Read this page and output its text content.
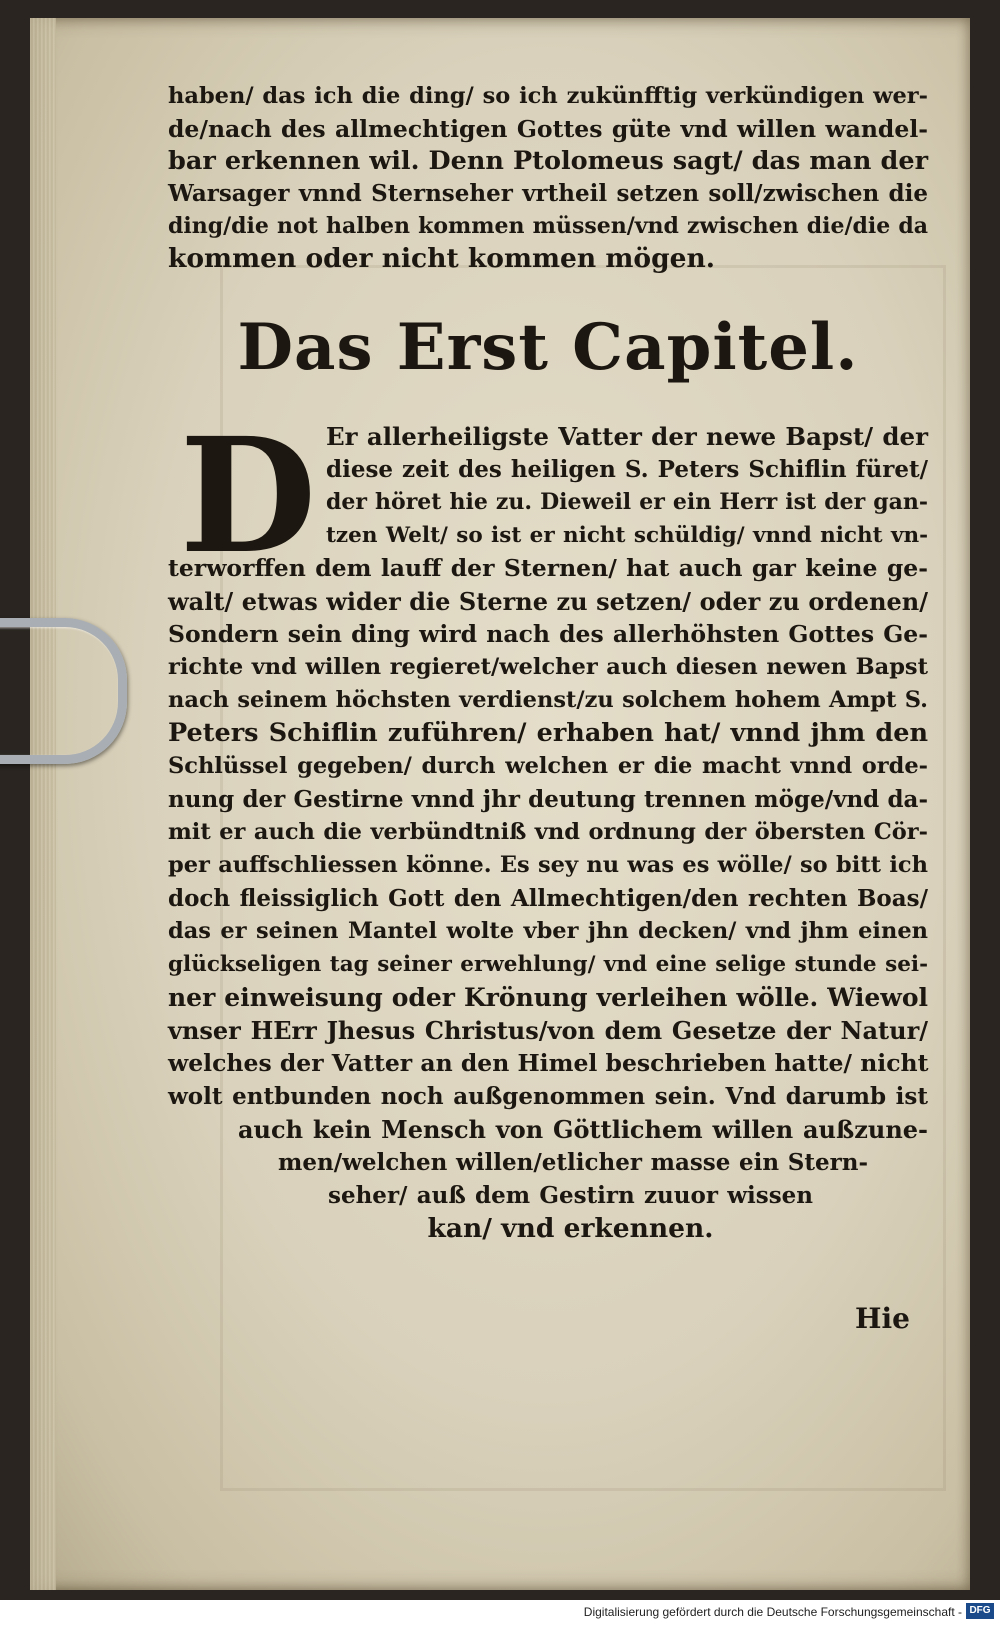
haben/ das ich die ding/ so ich zukünfftig verkündigen wer-
de/nach des allmechtigen Gottes güte vnd willen wandel-
bar erkennen wil. Denn Ptolomeus sagt/ das man der
Warsager vnnd Sternseher vrtheil setzen soll/zwischen die
ding/die not halben kommen müssen/vnd zwischen die/die da
kommen oder nicht kommen mögen.
Das Erst Capitel.
D Er allerheiligste Vatter der newe Bapst/ der
diese zeit des heiligen S. Peters Schiflin füret/
der höret hie zu. Dieweil er ein Herr ist der gan-
tzen Welt/ so ist er nicht schüldig/ vnnd nicht vn-
terworffen dem lauff der Sternen/ hat auch gar keine ge-
walt/ etwas wider die Sterne zu setzen/ oder zu ordenen/
Sondern sein ding wird nach des allerhöhsten Gottes Ge-
richte vnd willen regieret/welcher auch diesen newen Bapst
nach seinem höchsten verdienst/zu solchem hohem Ampt S.
Peters Schiflin zuführen/ erhaben hat/ vnnd jhm den
Schlüssel gegeben/ durch welchen er die macht vnnd orde-
nung der Gestirne vnnd jhr deutung trennen möge/vnd da-
mit er auch die verbündtniß vnd ordnung der öbersten Cör-
per auffschliessen könne. Es sey nu was es wölle/ so bitt ich
doch fleissiglich Gott den Allmechtigen/den rechten Boas/
das er seinen Mantel wolte vber jhn decken/ vnd jhm einen
glückseligen tag seiner erwehlung/ vnd eine selige stunde sei-
ner einweisung oder Krönung verleihen wölle. Wiewol
vnser HErr Jhesus Christus/von dem Gesetze der Natur/
welches der Vatter an den Himel beschrieben hatte/ nicht
wolt entbunden noch außgenommen sein. Vnd darumb ist
auch kein Mensch von Göttlichem willen außzune-
men/welchen willen/etlicher masse ein Stern-
seher/ auß dem Gestirn zuuor wissen
kan/ vnd erkennen.
Hie
Digitalisierung gefördert durch die Deutsche Forschungsgemeinschaft - DFG
